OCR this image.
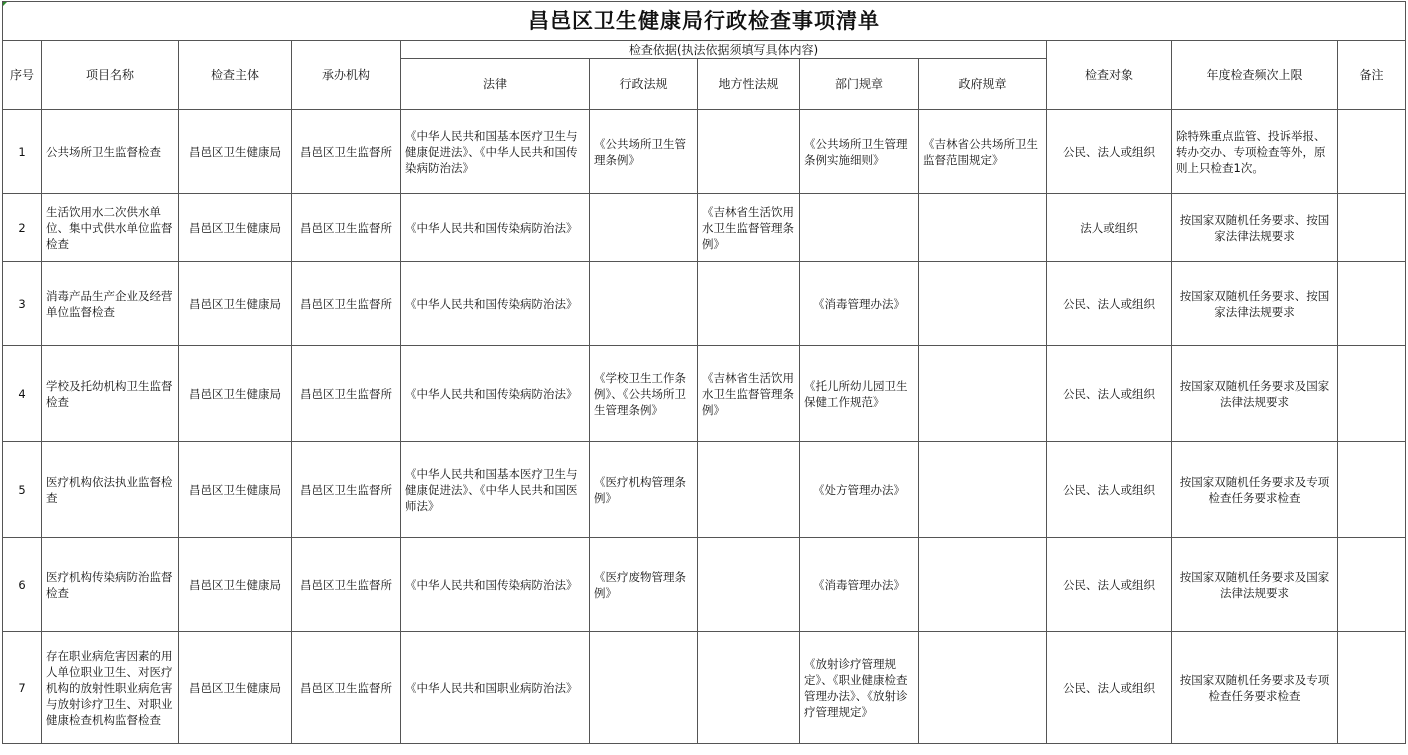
昌邑区卫生健康局行政检查事项清单											
序号	项目名称	检查主体	承办机构	检查依据(执法依据须填写具体内容)					检查对象	年度检查频次上限	备注
				法律	行政法规	地方性法规	部门规章	政府规章			
1	公共场所卫生监督检查	昌邑区卫生健康局	昌邑区卫生监督所	《中华人民共和国基本医疗卫生与健康促进法》、《中华人民共和国传染病防治法》	《公共场所卫生管理条例》		《公共场所卫生管理条例实施细则》	《吉林省公共场所卫生监督范围规定》	公民、法人或组织	除特殊重点监管、投诉举报、转办交办、专项检查等外，原则上只检查1次。	
2	生活饮用水二次供水单位、集中式供水单位监督检查	昌邑区卫生健康局	昌邑区卫生监督所	《中华人民共和国传染病防治法》		《吉林省生活饮用水卫生监督管理条例》			法人或组织	按国家双随机任务要求、按国家法律法规要求	
3	消毒产品生产企业及经营单位监督检查	昌邑区卫生健康局	昌邑区卫生监督所	《中华人民共和国传染病防治法》			《消毒管理办法》		公民、法人或组织	按国家双随机任务要求、按国家法律法规要求	
4	学校及托幼机构卫生监督检查	昌邑区卫生健康局	昌邑区卫生监督所	《中华人民共和国传染病防治法》	《学校卫生工作条例》、《公共场所卫生管理条例》	《吉林省生活饮用水卫生监督管理条例》	《托儿所幼儿园卫生保健工作规范》		公民、法人或组织	按国家双随机任务要求及国家法律法规要求	
5	医疗机构依法执业监督检查	昌邑区卫生健康局	昌邑区卫生监督所	《中华人民共和国基本医疗卫生与健康促进法》、《中华人民共和国医师法》	《医疗机构管理条例》		《处方管理办法》		公民、法人或组织	按国家双随机任务要求及专项检查任务要求检查	
6	医疗机构传染病防治监督检查	昌邑区卫生健康局	昌邑区卫生监督所	《中华人民共和国传染病防治法》	《医疗废物管理条例》		《消毒管理办法》		公民、法人或组织	按国家双随机任务要求及国家法律法规要求	
7	存在职业病危害因素的用人单位职业卫生、对医疗机构的放射性职业病危害与放射诊疗卫生、对职业健康检查机构监督检查	昌邑区卫生健康局	昌邑区卫生监督所	《中华人民共和国职业病防治法》			《放射诊疗管理规定》、《职业健康检查管理办法》、《放射诊疗管理规定》		公民、法人或组织	按国家双随机任务要求及专项检查任务要求检查	
